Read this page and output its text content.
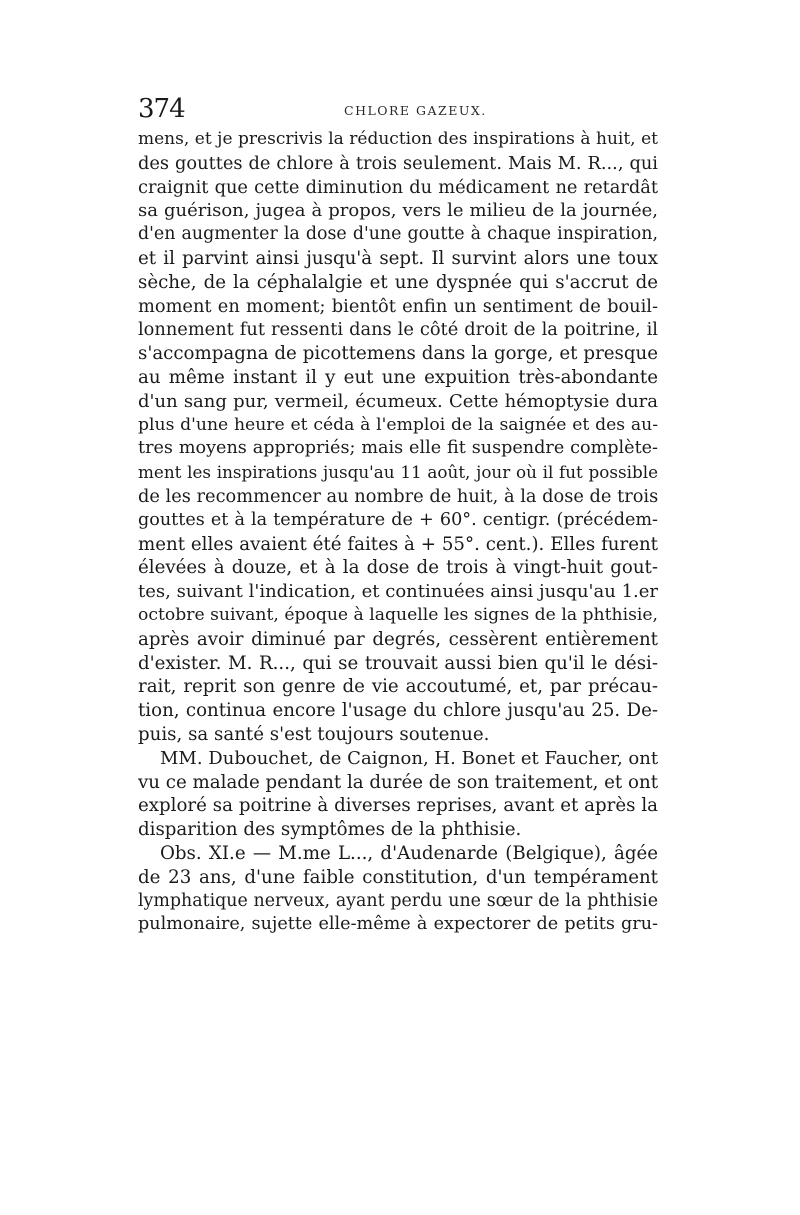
374	CHLORE GAZEUX.
mens, et je prescrivis la réduction des inspirations à huit, et
des gouttes de chlore à trois seulement. Mais M. R..., qui
craignit que cette diminution du médicament ne retardât
sa guérison, jugea à propos, vers le milieu de la journée,
d'en augmenter la dose d'une goutte à chaque inspiration,
et il parvint ainsi jusqu'à sept. Il survint alors une toux
sèche, de la céphalalgie et une dyspnée qui s'accrut de
moment en moment; bientôt enfin un sentiment de bouil-
lonnement fut ressenti dans le côté droit de la poitrine, il
s'accompagna de picottemens dans la gorge, et presque
au même instant il y eut une expuition très-abondante
d'un sang pur, vermeil, écumeux. Cette hémoptysie dura
plus d'une heure et céda à l'emploi de la saignée et des au-
tres moyens appropriés; mais elle fit suspendre complète-
ment les inspirations jusqu'au 11 août, jour où il fut possible
de les recommencer au nombre de huit, à la dose de trois
gouttes et à la température de + 60°. centigr. (précédem-
ment elles avaient été faites à + 55°. cent.). Elles furent
élevées à douze, et à la dose de trois à vingt-huit gout-
tes, suivant l'indication, et continuées ainsi jusqu'au 1.er
octobre suivant, époque à laquelle les signes de la phthisie,
après avoir diminué par degrés, cessèrent entièrement
d'exister. M. R..., qui se trouvait aussi bien qu'il le dési-
rait, reprit son genre de vie accoutumé, et, par précau-
tion, continua encore l'usage du chlore jusqu'au 25. De-
puis, sa santé s'est toujours soutenue.
MM. Dubouchet, de Caignon, H. Bonet et Faucher, ont
vu ce malade pendant la durée de son traitement, et ont
exploré sa poitrine à diverses reprises, avant et après la
disparition des symptômes de la phthisie.
Obs. XI.e — M.me L..., d'Audenarde (Belgique), âgée
de 23 ans, d'une faible constitution, d'un tempérament
lymphatique nerveux, ayant perdu une sœur de la phthisie
pulmonaire, sujette elle-même à expectorer de petits gru-
